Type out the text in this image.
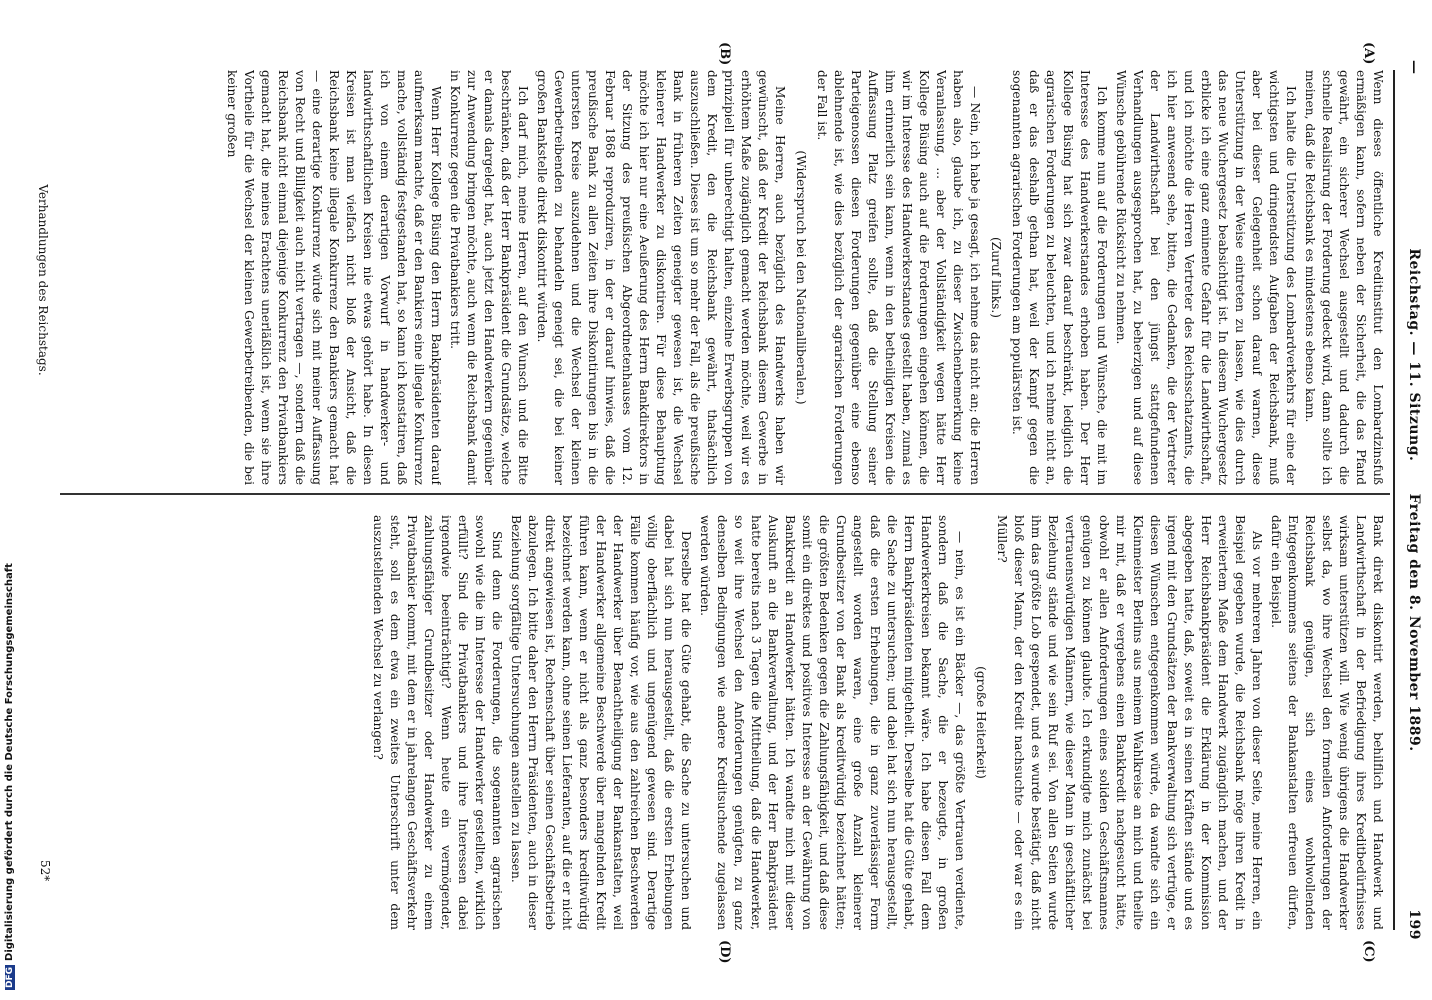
—
Reichstag. — 11. Sitzung.      Freitag den 8. November 1889.
199
(A)
(B)
(C)
(D)

Wenn dieses öffentliche Kreditinstitut den Lombardzinsfuß ermäßigen kann, sofern neben der Sicherheit, die das Pfand gewährt, ein sicherer Wechsel ausgestellt und dadurch die schnelle Realisirung der Forderung gedeckt wird, dann sollte ich meinen, daß die Reichsbank es mindestens ebenso kann.

Ich halte die Unterstützung des Lombardverkehrs für eine der wichtigsten und dringendsten Aufgaben der Reichsbank, muß aber bei dieser Gelegenheit schon darauf warnen, diese Unterstützung in der Weise eintreten zu lassen, wie dies durch das neue Wuchergesetz beabsichtigt ist. In diesem Wuchergesetz erblicke ich eine ganz eminente Gefahr für die Landwirthschaft, und ich möchte die Herren Vertreter des Reichsschatzamts, die ich hier anwesend sehe, bitten, die Gedanken, die der Vertreter der Landwirthschaft bei den jüngst stattgefundenen Verhandlungen ausgesprochen hat, zu beherzigen und auf diese Wünsche gebührende Rücksicht zu nehmen.

Ich komme nun auf die Forderungen und Wünsche, die mit im Interesse des Handwerkerstandes erhoben haben. Der Herr Kollege Büsing hat sich zwar darauf beschränkt, lediglich die agrarischen Forderungen zu beleuchten, und ich nehme nicht an, daß er das deshalb gethan hat, weil der Kampf gegen die sogenannten agrarischen Forderungen am populärsten ist.

(Zuruf links.)

— Nein, ich habe ja gesagt, ich nehme das nicht an; die Herren haben also, glaube ich, zu dieser Zwischenbemerkung keine Veranlassung, ... aber der Vollständigkeit wegen hätte Herr Kollege Büsing auch auf die Forderungen eingehen können, die wir im Interesse des Handwerkerstandes gestellt haben, zumal es ihm erinnerlich sein kann, wenn in den betheiligten Kreisen die Auffassung Platz greifen sollte, daß die Stellung seiner Parteigenossen diesen Forderungen gegenüber eine ebenso ablehnende ist, wie dies bezüglich der agrarischen Forderungen der Fall ist.

(Widerspruch bei den Nationalliberalen.)

Meine Herren, auch bezüglich des Handwerks haben wir gewünscht, daß der Kredit der Reichsbank diesem Gewerbe in erhöhtem Maße zugänglich gemacht werden möchte, weil wir es prinzipiell für unberechtigt halten, einzelne Erwerbsgruppen von dem Kredit, den die Reichsbank gewährt, thatsächlich auszuschließen. Dieses ist um so mehr der Fall, als die preußische Bank in früheren Zeiten geneigter gewesen ist, die Wechsel kleinerer Handwerker zu diskontiren. Für diese Behauptung möchte ich hier nur eine Aeußerung des Herrn Bankdirektors in der Sitzung des preußischen Abgeordnetenhauses vom 12. Februar 1868 reproduziren, in der er darauf hinwies, daß die preußische Bank zu allen Zeiten ihre Diskontirungen bis in die untersten Kreise auszudehnen und die Wechsel der kleinen Gewerbetreibenden zu behandeln geneigt sei, die bei keiner großen Bankstelle direkt diskontirt würden.

Ich darf mich, meine Herren, auf den Wunsch und die Bitte beschränken, daß der Herr Bankpräsident die Grundsätze, welche er damals dargelegt hat, auch jetzt den Handwerkern gegenüber zur Anwendung bringen möchte, auch wenn die Reichsbank damit in Konkurrenz gegen die Privatbankiers tritt.

Wenn Herr Kollege Büsing den Herrn Bankpräsidenten darauf aufmerksam machte, daß er den Bankiers eine illegale Konkurrenz mache, vollständig festgestanden hat, so kann ich konstatiren, daß ich von einem derartigen Vorwurf in handwerker- und landwirthschaftlichen Kreisen nie etwas gehört habe. In diesen Kreisen ist man vielfach nicht bloß der Ansicht, daß die Reichsbank keine illegale Konkurrenz den Bankiers gemacht hat — eine derartige Konkurrenz würde sich mit meiner Auffassung von Recht und Billigkeit auch nicht vertragen —, sondern daß die Reichsbank nicht einmal diejenige Konkurrenz den Privatbankiers gemacht hat, die meines Erachtens unerläßlich ist, wenn sie ihre Vortheile für die Wechsel der kleinen Gewerbetreibenden, die bei keiner großen

Bank direkt diskontirt werden, behilflich und Handwerk und Landwirthschaft in der Befriedigung ihres Kreditbedürfnisses wirksam unterstützen will. Wie wenig übrigens die Handwerker selbst da, wo ihre Wechsel den formellen Anforderungen der Reichsbank genügen, sich eines wohlwollenden Entgegenkommens seitens der Bankanstalten erfreuen dürfen, dafür ein Beispiel.

Als vor mehreren Jahren von dieser Seite, meine Herren, ein Beispiel gegeben wurde, die Reichsbank möge ihren Kredit in erweitertem Maße dem Handwerk zugänglich machen, und der Herr Reichsbankpräsident die Erklärung in der Kommission abgegeben hatte, daß, soweit es in seinen Kräften stände und es irgend mit den Grundsätzen der Bankverwaltung sich vertrüge, er diesen Wünschen entgegenkommen würde, da wandte sich ein Kleinmeister Berlins aus meinem Wahlkreise an mich und theilte mir mit, daß er vergebens einen Bankkredit nachgesucht hätte, obwohl er allen Anforderungen eines soliden Geschäftsmannes genügen zu können glaubte. Ich erkundigte mich zunächst bei vertrauenswürdigen Männern, wie dieser Mann in geschäftlicher Beziehung stände und wie sein Ruf sei. Von allen Seiten wurde ihm das größte Lob gespendet, und es wurde bestätigt, daß nicht bloß dieser Mann, der den Kredit nachsuchte — oder war es ein Müller?

(große Heiterkeit)

— nein, es ist ein Bäcker —, das größte Vertrauen verdiente, sondern daß die Sache, die er bezeugte, in großen Handwerkerkreisen bekannt wäre. Ich habe diesen Fall dem Herrn Bankpräsidenten mitgetheilt. Derselbe hat die Güte gehabt, die Sache zu untersuchen; und dabei hat sich nun herausgestellt, daß die ersten Erhebungen, die in ganz zuverlässiger Form angestellt worden waren, eine große Anzahl kleinerer Grundbesitzer von der Bank als kreditwürdig bezeichnet hätten; die größten Bedenken gegen die Zahlungsfähigkeit, und daß diese somit ein direktes und positives Interesse an der Gewährung von Bankkredit an Handwerker hätten. Ich wandte mich mit dieser Auskunft an die Bankverwaltung, und der Herr Bankpräsident hatte bereits nach 3 Tagen die Mittheilung, daß die Handwerker, so weit ihre Wechsel den Anforderungen genügten, zu ganz denselben Bedingungen wie andere Kreditsuchende zugelassen werden würden.

Derselbe hat die Güte gehabt, die Sache zu untersuchen und dabei hat sich nun herausgestellt, daß die ersten Erhebungen völlig oberflächlich und ungenügend gewesen sind. Derartige Fälle kommen häufig vor, wie aus den zahlreichen Beschwerden der Handwerker über Benachtheiligung der Bankanstalten, weil der Handwerker allgemeine Beschwerde über mangelnden Kredit führen kann, wenn er nicht als ganz besonders kreditwürdig bezeichnet werden kann, ohne seinen Lieferanten, auf die er nicht direkt angewiesen ist, Rechenschaft über seinen Geschäftsbetrieb abzulegen. Ich bitte daher den Herrn Präsidenten, auch in dieser Beziehung sorgfältige Untersuchungen anstellen zu lassen.

Sind denn die Forderungen, die sogenannten agrarischen sowohl wie die im Interesse der Handwerker gestellten, wirklich erfüllt? Sind die Privatbankiers und ihre Interessen dabei irgendwie beeinträchtigt? Wenn heute ein vermögender, zahlungsfähiger Grundbesitzer oder Handwerker zu einem Privatbankier kommt, mit dem er in jahrelangen Geschäftsverkehr steht, soll es dem etwa ein zweites Unterschrift unter dem auszustellenden Wechsel zu verlangen?

Verhandlungen des Reichstags.
52*
DFGDigitalisierung gefördert durch die Deutsche Forschungsgemeinschaft
